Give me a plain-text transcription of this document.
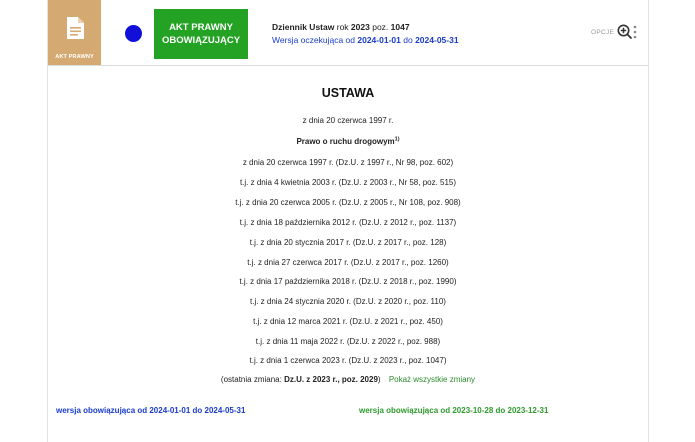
AKT PRAWNY
AKT PRAWNY
OBOWIĄZUJĄCY
Dziennik Ustaw rok 2023 poz. 1047
Wersja oczekująca od 2024-01-01 do 2024-05-31
OPCJE
USTAWA
z dnia 20 czerwca 1997 r.
Prawo o ruchu drogowym$^{1)}$
z dnia 20 czerwca 1997 r. (Dz.U. z 1997 r., Nr 98, poz. 602)
t.j. z dnia 4 kwietnia 2003 r. (Dz.U. z 2003 r., Nr 58, poz. 515)
t.j. z dnia 20 czerwca 2005 r. (Dz.U. z 2005 r., Nr 108, poz. 908)
t.j. z dnia 18 października 2012 r. (Dz.U. z 2012 r., poz. 1137)
t.j. z dnia 20 stycznia 2017 r. (Dz.U. z 2017 r., poz. 128)
t.j. z dnia 27 czerwca 2017 r. (Dz.U. z 2017 r., poz. 1260)
t.j. z dnia 17 października 2018 r. (Dz.U. z 2018 r., poz. 1990)
t.j. z dnia 24 stycznia 2020 r. (Dz.U. z 2020 r., poz. 110)
t.j. z dnia 12 marca 2021 r. (Dz.U. z 2021 r., poz. 450)
t.j. z dnia 11 maja 2022 r. (Dz.U. z 2022 r., poz. 988)
t.j. z dnia 1 czerwca 2023 r. (Dz.U. z 2023 r., poz. 1047)
(ostatnia zmiana: Dz.U. z 2023 r., poz. 2029) Pokaż wszystkie zmiany
wersja obowiązująca od 2024-01-01 do 2024-05-31	wersja obowiązująca od 2023-10-28 do 2023-12-31
